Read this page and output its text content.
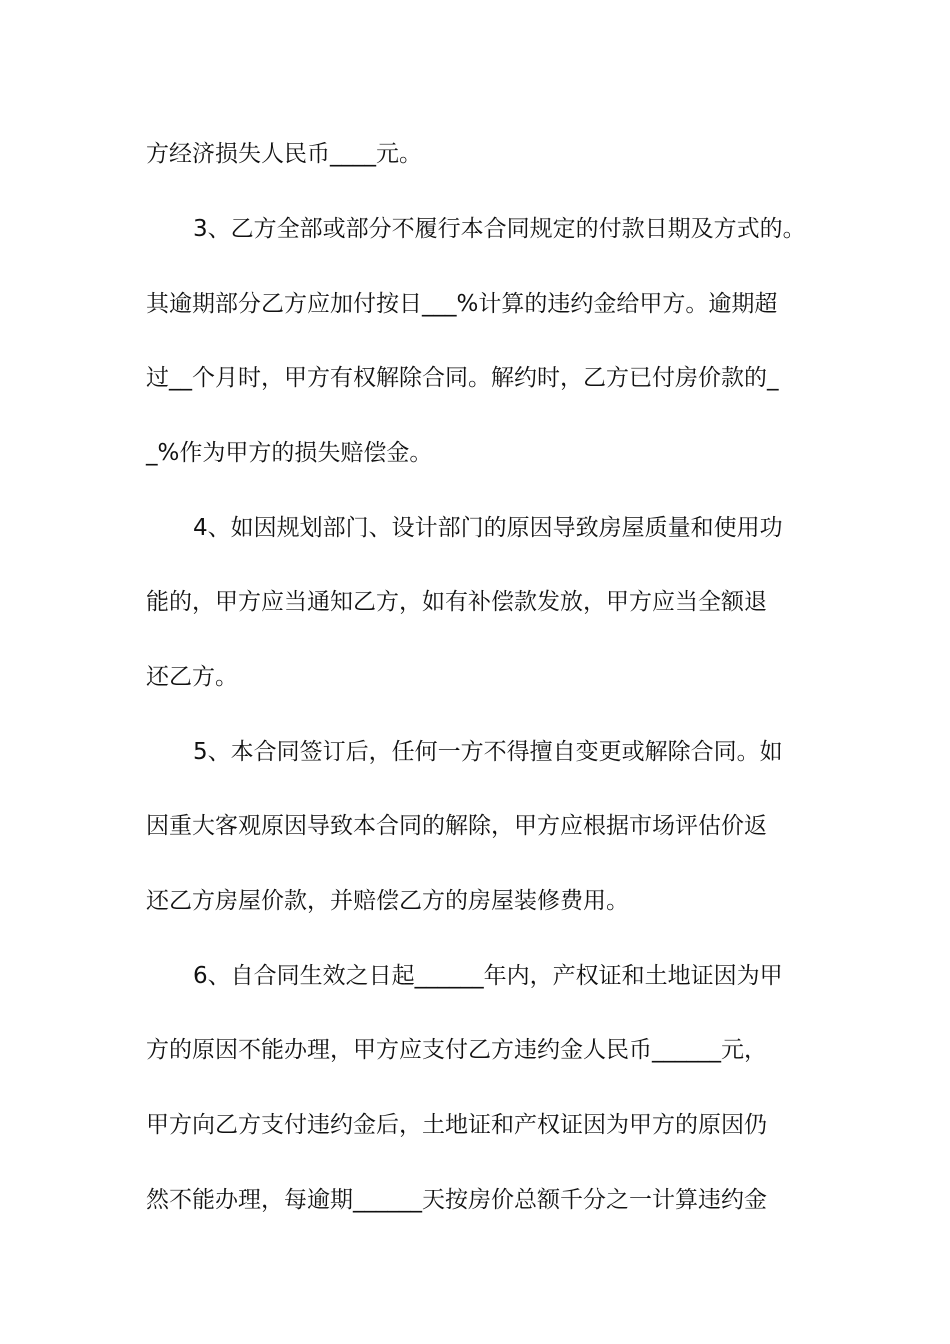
方经济损失人民币____元。
3、乙方全部或部分不履行本合同规定的付款日期及方式的。
其逾期部分乙方应加付按日___%计算的违约金给甲方。逾期超
过__个月时，甲方有权解除合同。解约时，乙方已付房价款的_
_%作为甲方的损失赔偿金。
4、如因规划部门、设计部门的原因导致房屋质量和使用功
能的，甲方应当通知乙方，如有补偿款发放，甲方应当全额退
还乙方。
5、本合同签订后，任何一方不得擅自变更或解除合同。如
因重大客观原因导致本合同的解除，甲方应根据市场评估价返
还乙方房屋价款，并赔偿乙方的房屋装修费用。
6、自合同生效之日起______年内，产权证和土地证因为甲
方的原因不能办理，甲方应支付乙方违约金人民币______元，
甲方向乙方支付违约金后，土地证和产权证因为甲方的原因仍
然不能办理，每逾期______天按房价总额千分之一计算违约金
